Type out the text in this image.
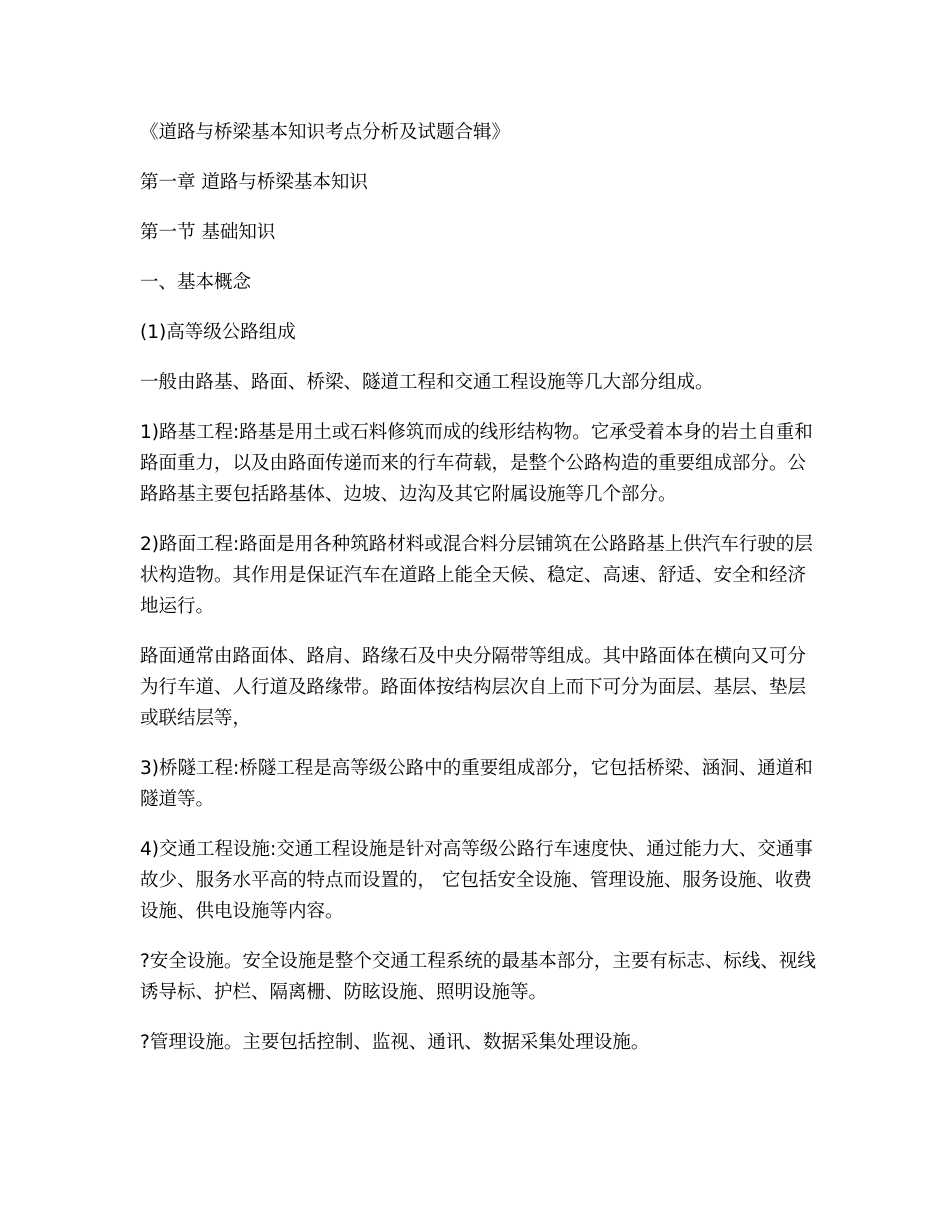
《道路与桥梁基本知识考点分析及试题合辑》

第一章 道路与桥梁基本知识

第一节 基础知识

一、基本概念

(1)高等级公路组成

一般由路基、路面、桥梁、隧道工程和交通工程设施等几大部分组成。

1)路基工程:路基是用土或石料修筑而成的线形结构物。它承受着本身的岩土自重和路面重力，以及由路面传递而来的行车荷载，是整个公路构造的重要组成部分。公路路基主要包括路基体、边坡、边沟及其它附属设施等几个部分。

2)路面工程:路面是用各种筑路材料或混合料分层铺筑在公路路基上供汽车行驶的层状构造物。其作用是保证汽车在道路上能全天候、稳定、高速、舒适、安全和经济地运行。

路面通常由路面体、路肩、路缘石及中央分隔带等组成。其中路面体在横向又可分为行车道、人行道及路缘带。路面体按结构层次自上而下可分为面层、基层、垫层或联结层等，

3)桥隧工程:桥隧工程是高等级公路中的重要组成部分，它包括桥梁、涵洞、通道和隧道等。

4)交通工程设施:交通工程设施是针对高等级公路行车速度快、通过能力大、交通事故少、服务水平高的特点而设置的， 它包括安全设施、管理设施、服务设施、收费设施、供电设施等内容。

?安全设施。安全设施是整个交通工程系统的最基本部分，主要有标志、标线、视线诱导标、护栏、隔离栅、防眩设施、照明设施等。

?管理设施。主要包括控制、监视、通讯、数据采集处理设施。
